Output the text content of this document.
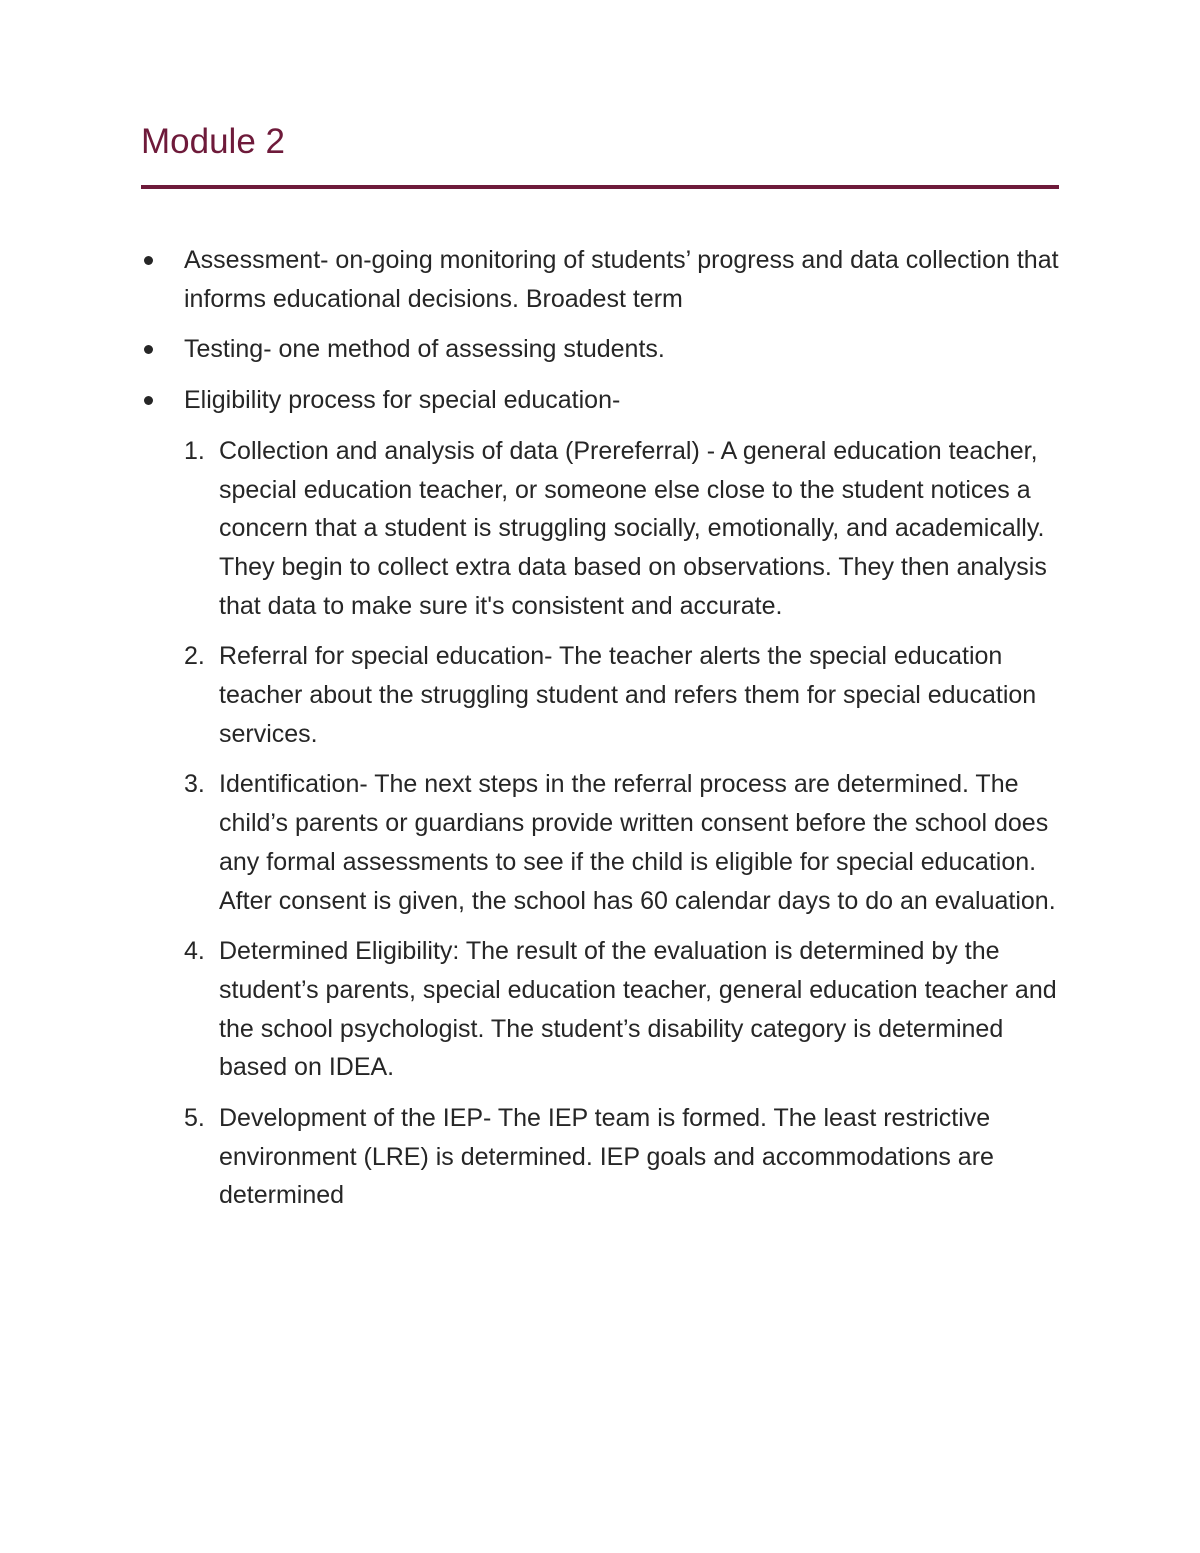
Module 2
Assessment- on-going monitoring of students’ progress and data collection that informs educational decisions. Broadest term
Testing- one method of assessing students.
Eligibility process for special education-
1. Collection and analysis of data (Prereferral) - A general education teacher, special education teacher, or someone else close to the student notices a concern that a student is struggling socially, emotionally, and academically. They begin to collect extra data based on observations. They then analysis that data to make sure it's consistent and accurate.
2. Referral for special education- The teacher alerts the special education teacher about the struggling student and refers them for special education services.
3. Identification- The next steps in the referral process are determined. The child’s parents or guardians provide written consent before the school does any formal assessments to see if the child is eligible for special education. After consent is given, the school has 60 calendar days to do an evaluation.
4. Determined Eligibility: The result of the evaluation is determined by the student’s parents, special education teacher, general education teacher and the school psychologist. The student’s disability category is determined based on IDEA.
5. Development of the IEP- The IEP team is formed. The least restrictive environment (LRE) is determined. IEP goals and accommodations are determined
